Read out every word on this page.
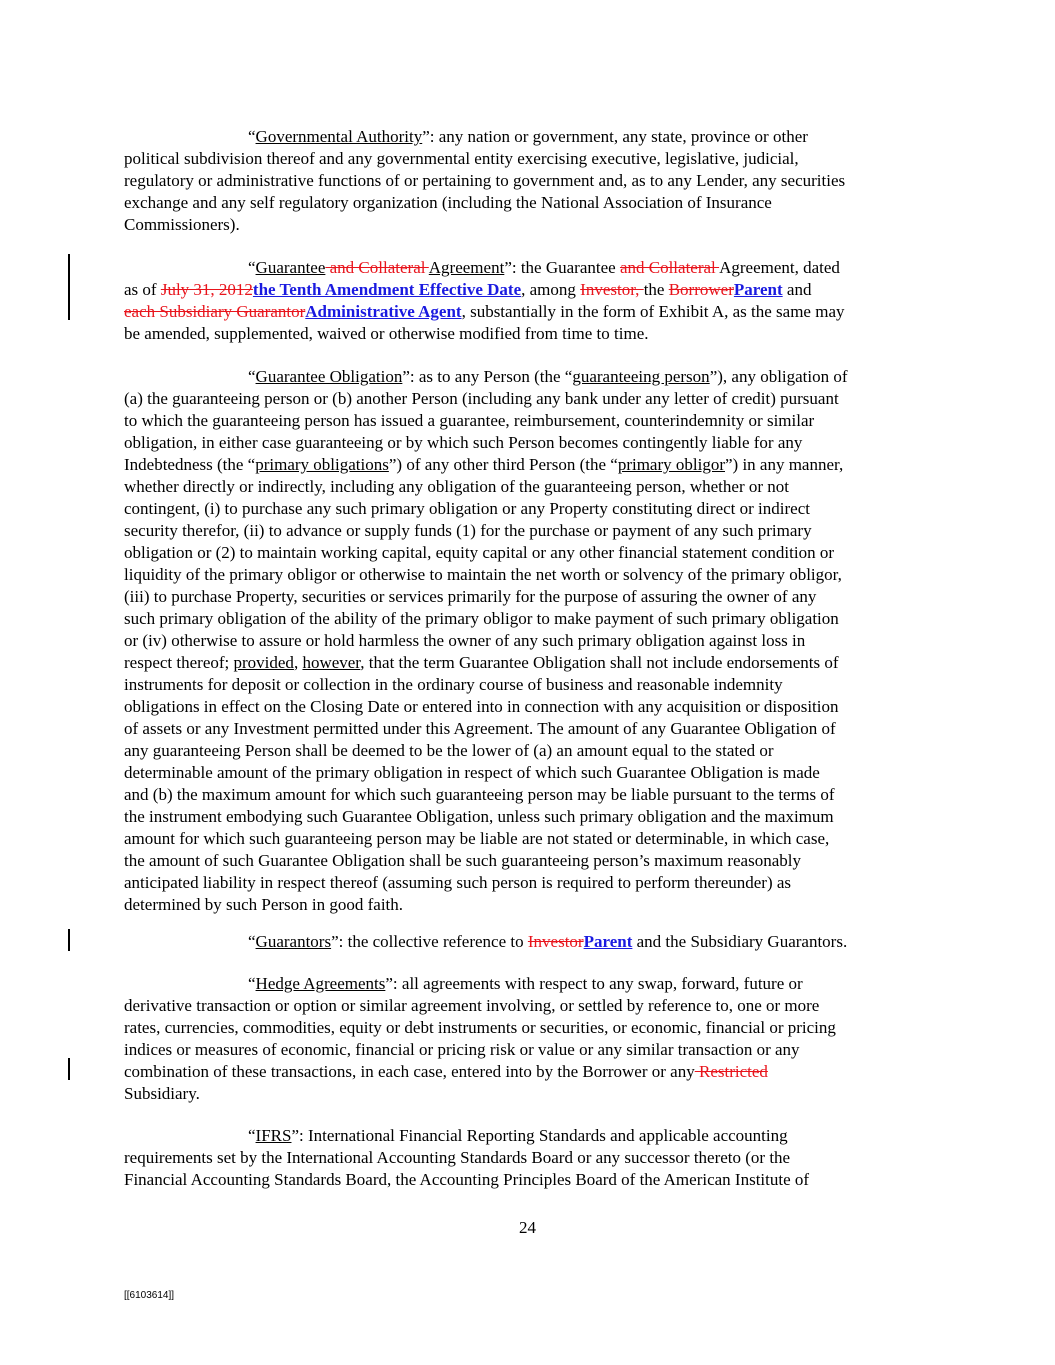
“Governmental Authority”: any nation or government, any state, province or other
political subdivision thereof and any governmental entity exercising executive, legislative, judicial,
regulatory or administrative functions of or pertaining to government and, as to any Lender, any securities
exchange and any self regulatory organization (including the National Association of Insurance
Commissioners).
“Guarantee and Collateral Agreement”: the Guarantee and Collateral Agreement, dated
as of July 31, 2012the Tenth Amendment Effective Date, among Investor, the BorrowerParent and
each Subsidiary GuarantorAdministrative Agent, substantially in the form of Exhibit A, as the same may
be amended, supplemented, waived or otherwise modified from time to time.
“Guarantee Obligation”: as to any Person (the “guaranteeing person”), any obligation of
(a) the guaranteeing person or (b) another Person (including any bank under any letter of credit) pursuant
to which the guaranteeing person has issued a guarantee, reimbursement, counterindemnity or similar
obligation, in either case guaranteeing or by which such Person becomes contingently liable for any
Indebtedness (the “primary obligations”) of any other third Person (the “primary obligor”) in any manner,
whether directly or indirectly, including any obligation of the guaranteeing person, whether or not
contingent, (i) to purchase any such primary obligation or any Property constituting direct or indirect
security therefor, (ii) to advance or supply funds (1) for the purchase or payment of any such primary
obligation or (2) to maintain working capital, equity capital or any other financial statement condition or
liquidity of the primary obligor or otherwise to maintain the net worth or solvency of the primary obligor,
(iii) to purchase Property, securities or services primarily for the purpose of assuring the owner of any
such primary obligation of the ability of the primary obligor to make payment of such primary obligation
or (iv) otherwise to assure or hold harmless the owner of any such primary obligation against loss in
respect thereof; provided, however, that the term Guarantee Obligation shall not include endorsements of
instruments for deposit or collection in the ordinary course of business and reasonable indemnity
obligations in effect on the Closing Date or entered into in connection with any acquisition or disposition
of assets or any Investment permitted under this Agreement. The amount of any Guarantee Obligation of
any guaranteeing Person shall be deemed to be the lower of (a) an amount equal to the stated or
determinable amount of the primary obligation in respect of which such Guarantee Obligation is made
and (b) the maximum amount for which such guaranteeing person may be liable pursuant to the terms of
the instrument embodying such Guarantee Obligation, unless such primary obligation and the maximum
amount for which such guaranteeing person may be liable are not stated or determinable, in which case,
the amount of such Guarantee Obligation shall be such guaranteeing person’s maximum reasonably
anticipated liability in respect thereof (assuming such person is required to perform thereunder) as
determined by such Person in good faith.
“Guarantors”: the collective reference to InvestorParent and the Subsidiary Guarantors.
“Hedge Agreements”: all agreements with respect to any swap, forward, future or
derivative transaction or option or similar agreement involving, or settled by reference to, one or more
rates, currencies, commodities, equity or debt instruments or securities, or economic, financial or pricing
indices or measures of economic, financial or pricing risk or value or any similar transaction or any
combination of these transactions, in each case, entered into by the Borrower or any Restricted
Subsidiary.
“IFRS”: International Financial Reporting Standards and applicable accounting
requirements set by the International Accounting Standards Board or any successor thereto (or the
Financial Accounting Standards Board, the Accounting Principles Board of the American Institute of
24
[[6103614]]
